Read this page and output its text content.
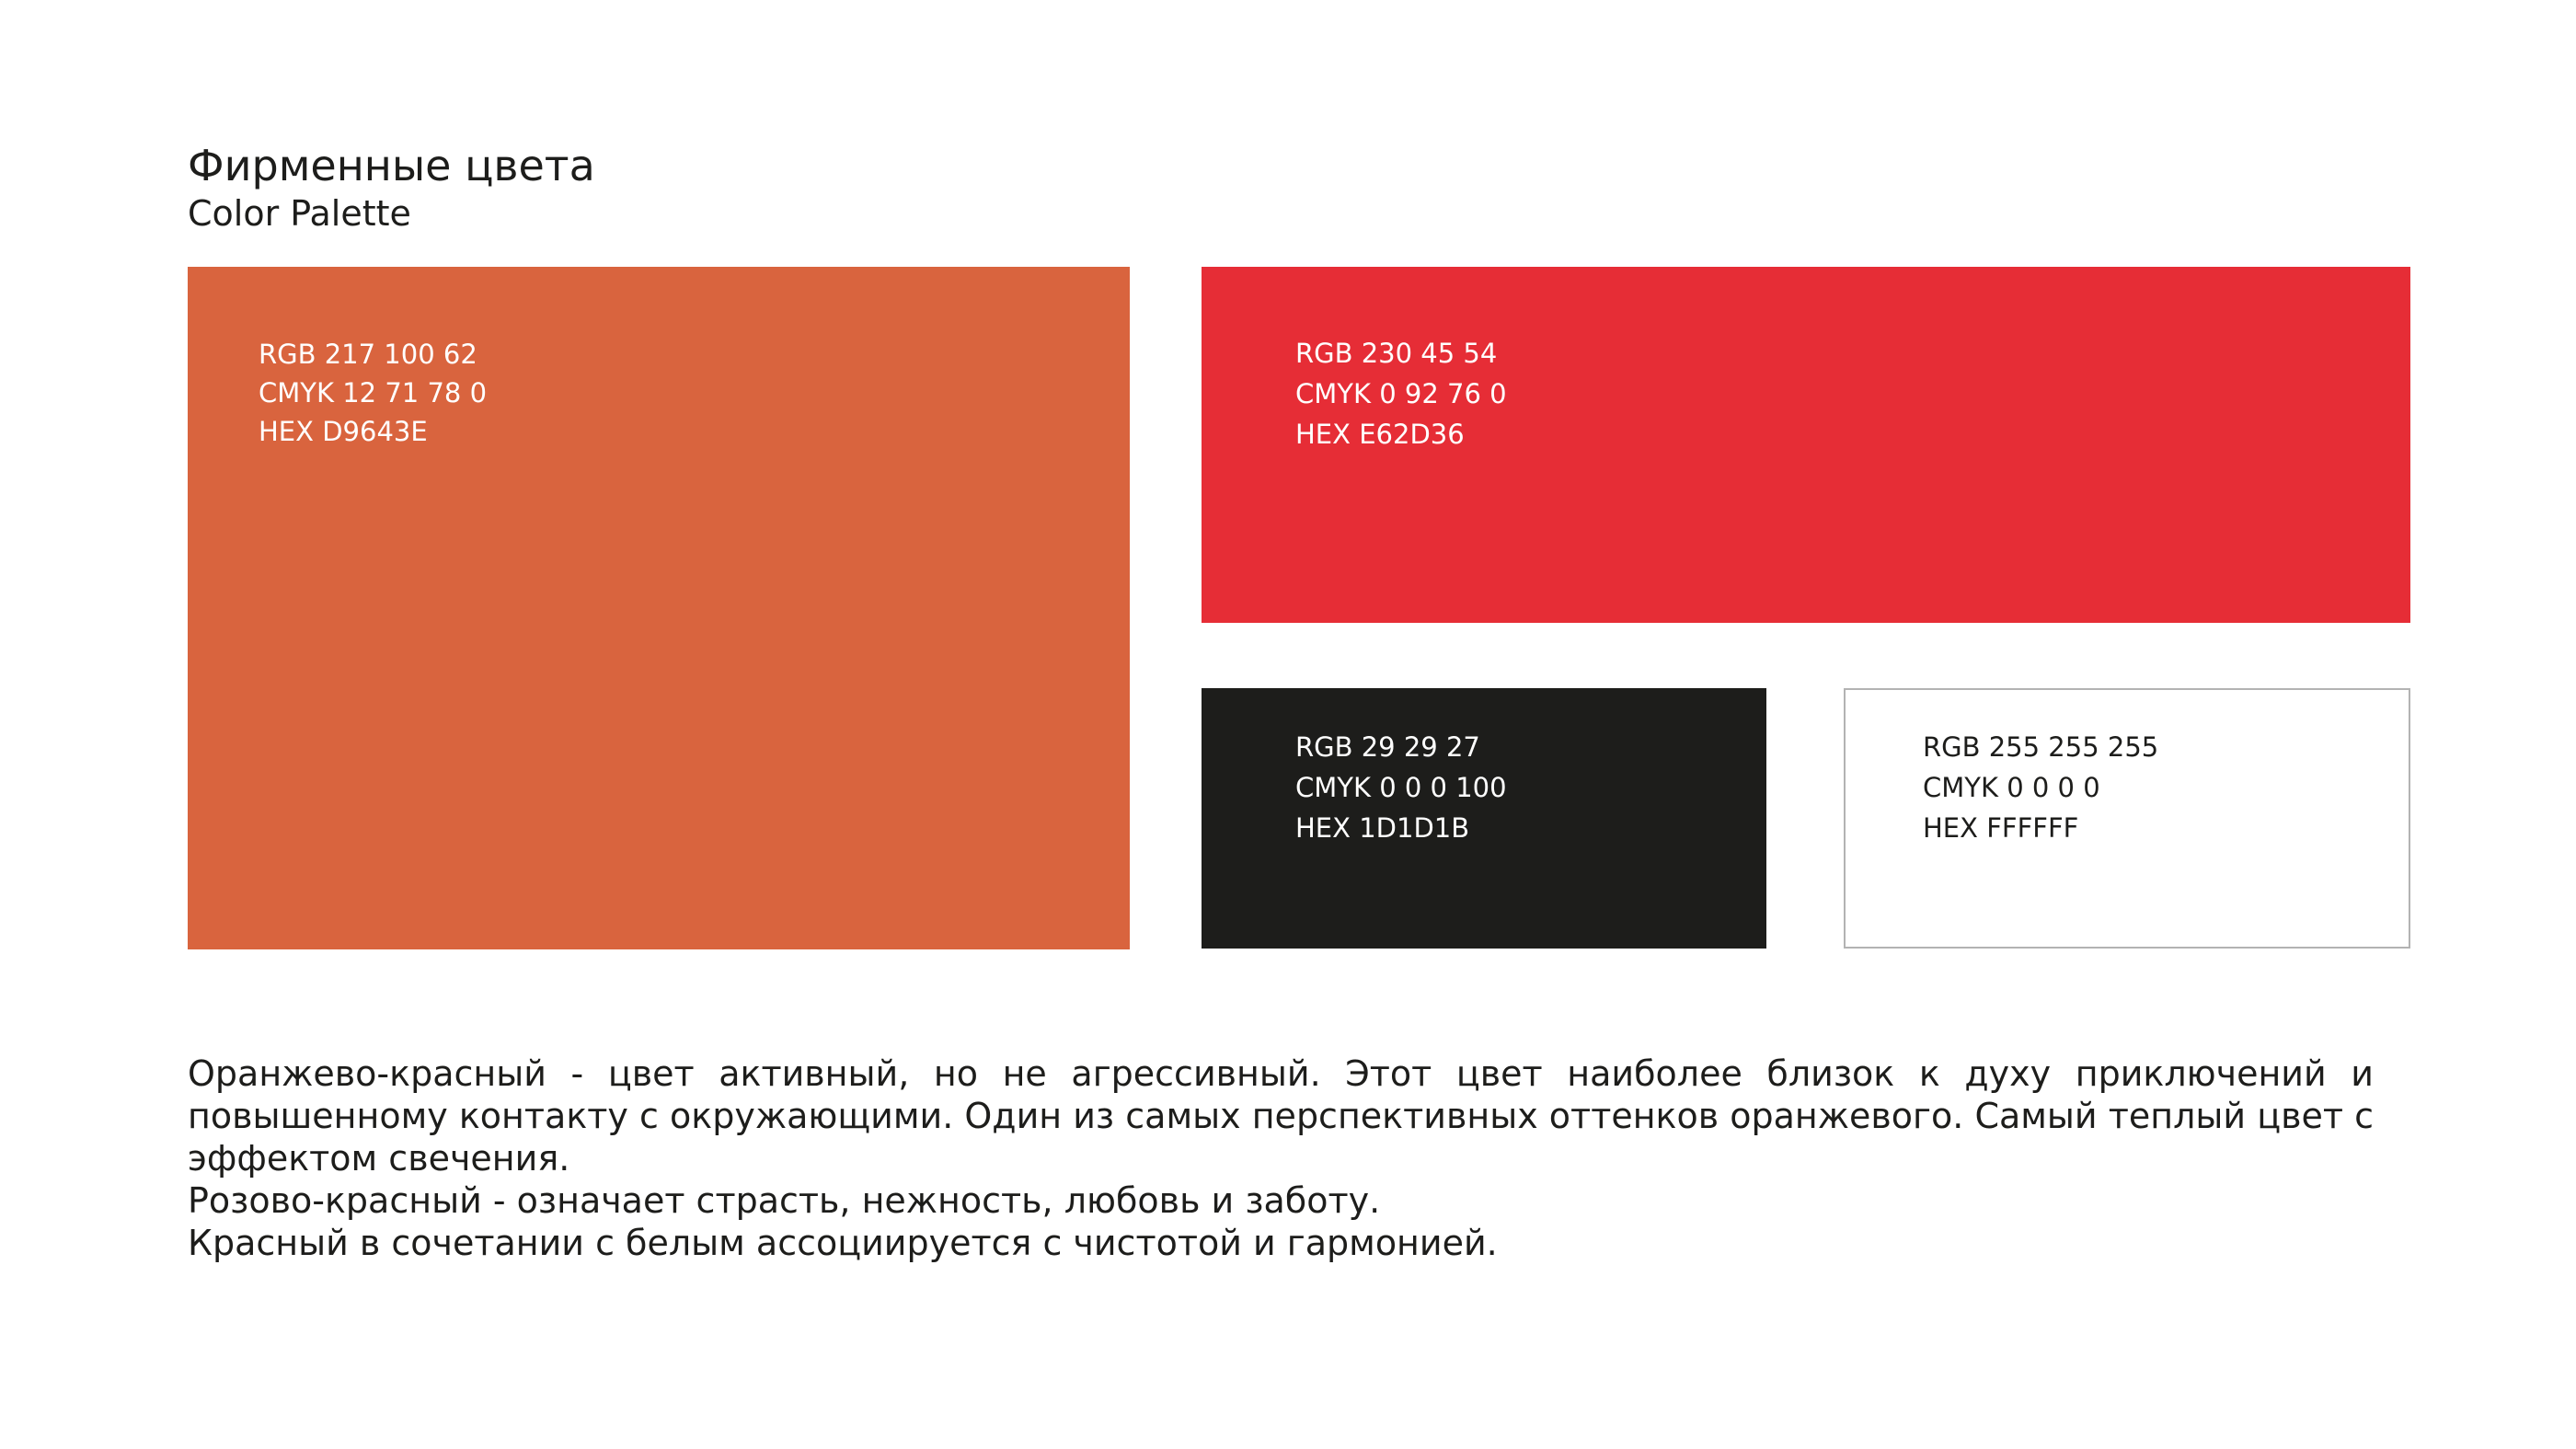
Фирменные цвета
Color Palette
RGB 217 100 62
CMYK 12 71 78 0
HEX D9643E
RGB 230 45 54
CMYK 0 92 76 0
HEX E62D36
RGB 29 29 27
CMYK 0 0 0 100
HEX 1D1D1B
RGB 255 255 255
CMYK 0 0 0 0
HEX FFFFFF

Оранжево-красный - цвет активный, но не агрессивный. Этот цвет наиболее близок к духу приключений и повышенному контакту с окружающими. Один из самых перспективных оттенков оранжевого. Самый теплый цвет с эффектом свечения.

Розово-красный - означает страсть, нежность, любовь и заботу.

Красный в сочетании с белым ассоциируется с чистотой и гармонией.
